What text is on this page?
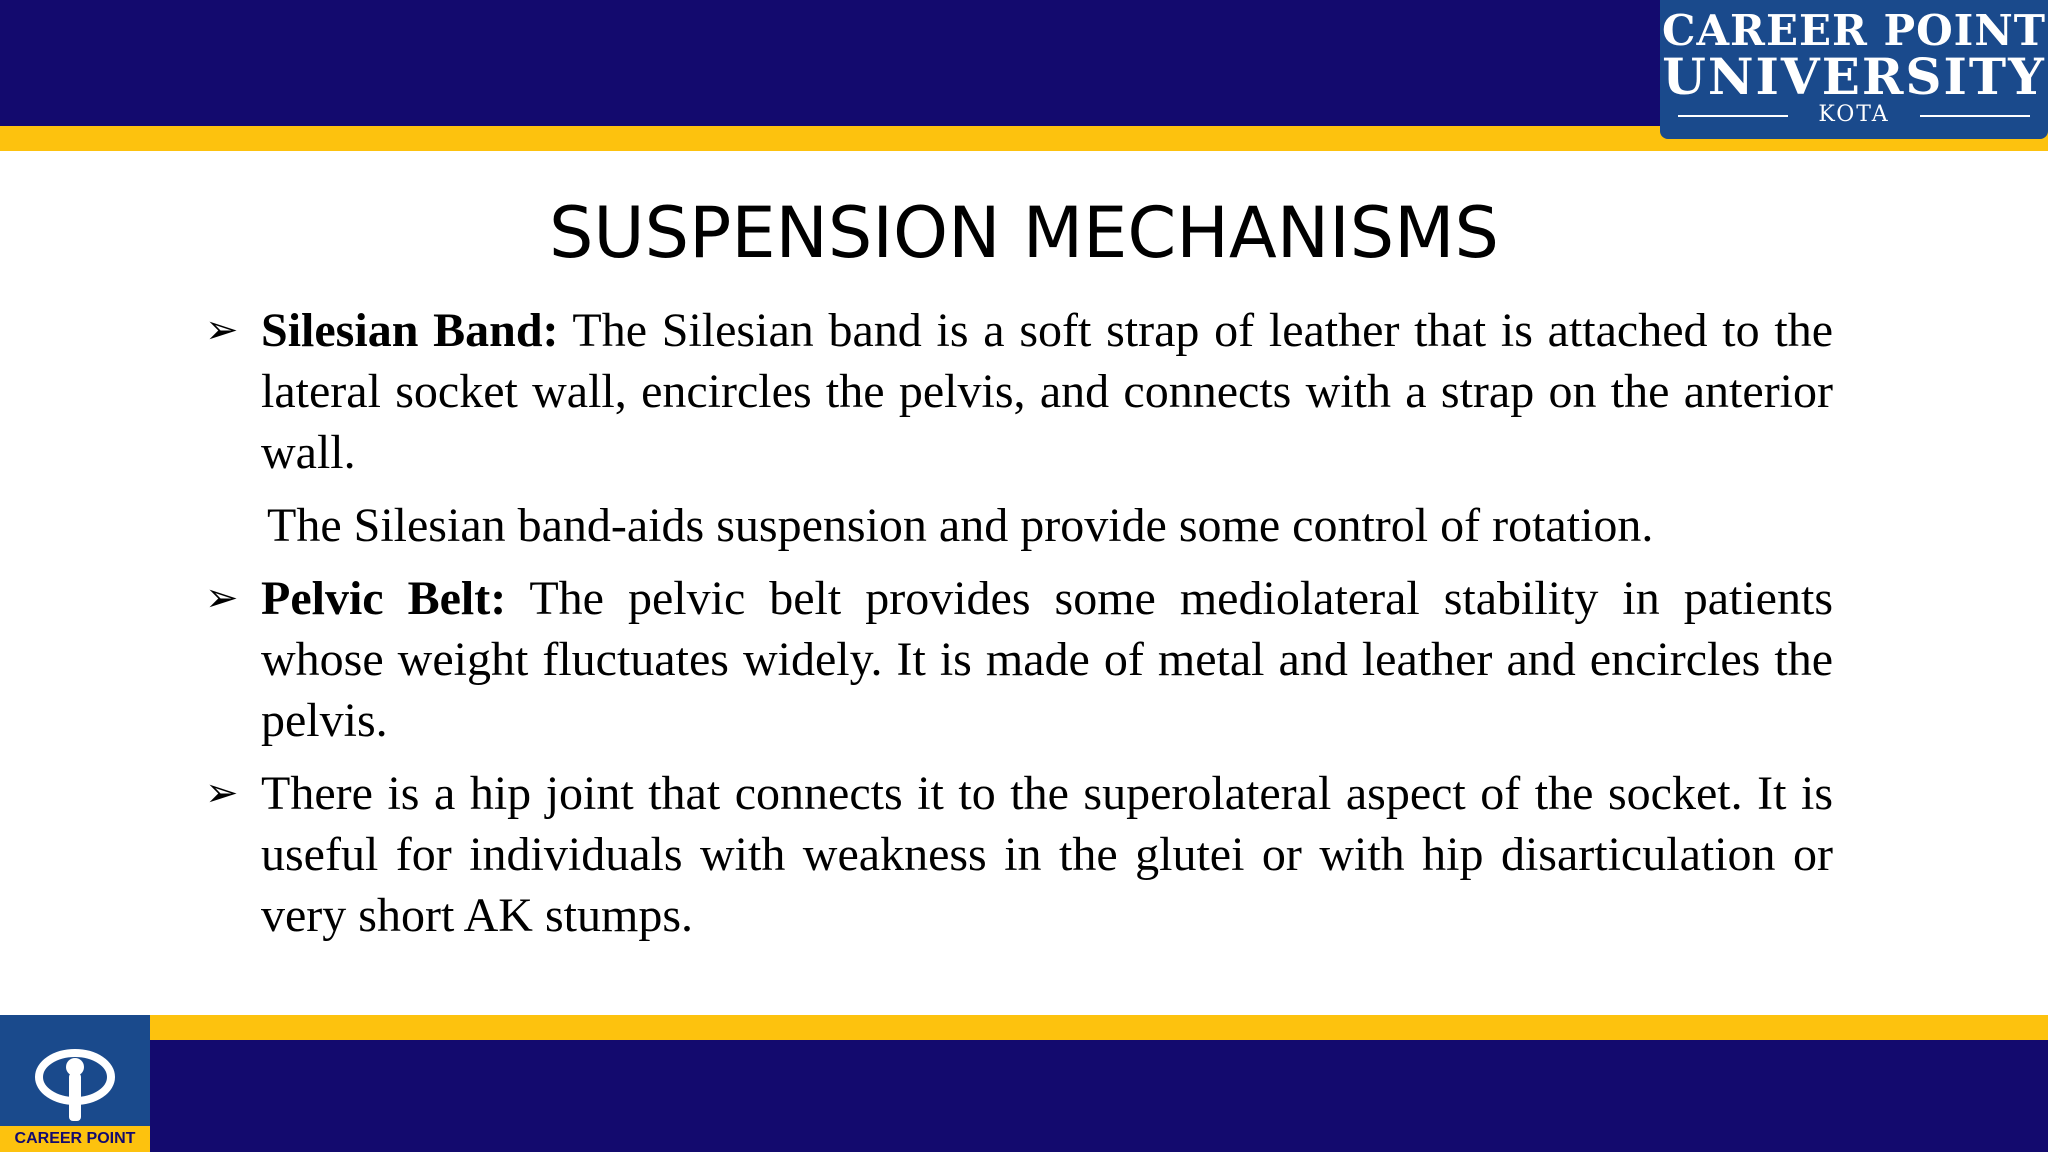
CAREER POINT
UNIVERSITY
KOTA
SUSPENSION MECHANISMS
➢ Silesian Band: The Silesian band is a soft strap of leather that is attached to the lateral socket wall, encircles the pelvis, and connects with a strap on the anterior wall.
The Silesian band-aids suspension and provide some control of rotation.
➢ Pelvic Belt: The pelvic belt provides some mediolateral stability in patients whose weight fluctuates widely. It is made of metal and leather and encircles the pelvis.
➢ There is a hip joint that connects it to the superolateral aspect of the socket. It is useful for individuals with weakness in the glutei or with hip disarticulation or very short AK stumps.
CAREER POINT
